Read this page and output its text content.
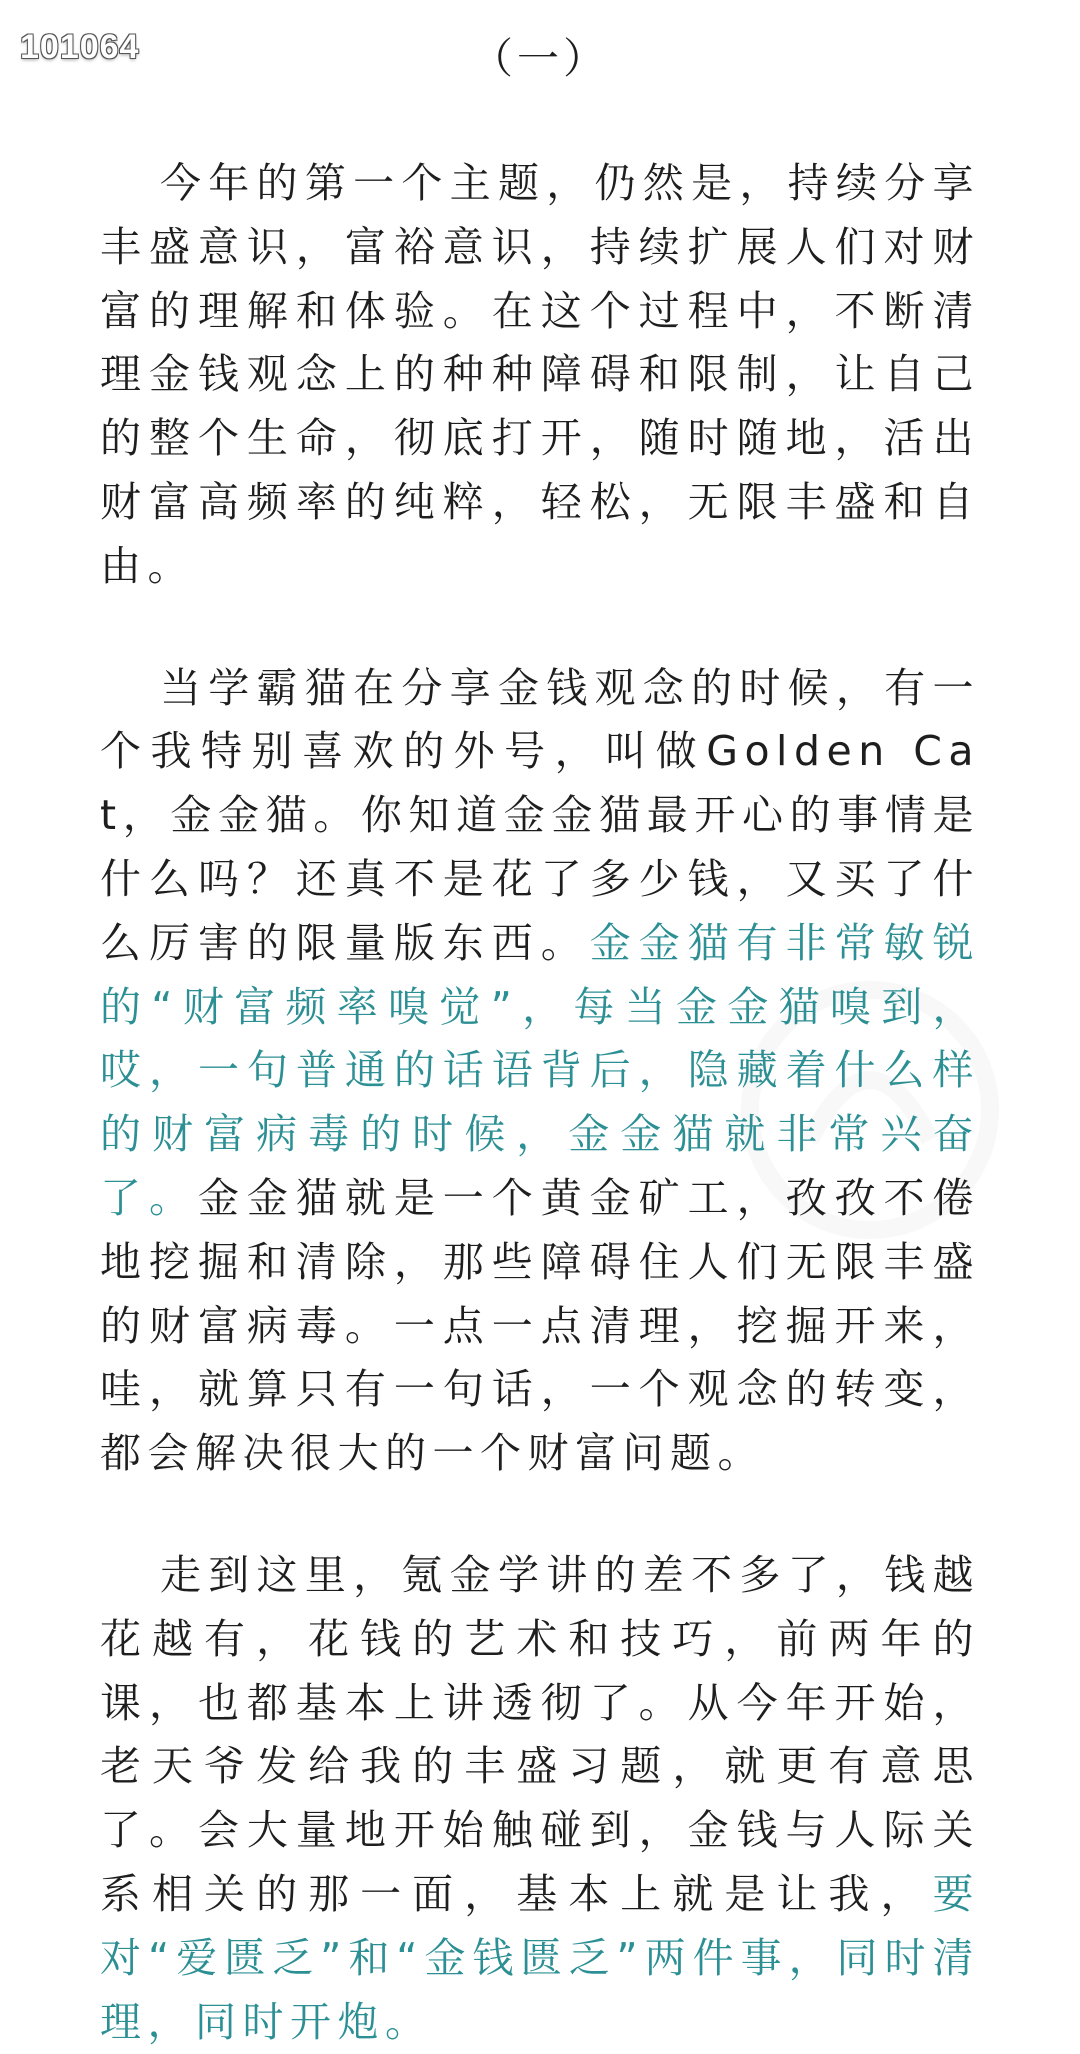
101064	（一）

今年的第一个主题，仍然是，持续分享丰盛意识，富裕意识，持续扩展人们对财富的理解和体验。在这个过程中，不断清理金钱观念上的种种障碍和限制，让自己的整个生命，彻底打开，随时随地，活出财富高频率的纯粹，轻松，无限丰盛和自由。

当学霸猫在分享金钱观念的时候，有一个我特别喜欢的外号，叫做Golden Cat，金金猫。你知道金金猫最开心的事情是什么吗？还真不是花了多少钱，又买了什么厉害的限量版东西。金金猫有非常敏锐的“财富频率嗅觉”，每当金金猫嗅到，哎，一句普通的话语背后，隐藏着什么样的财富病毒的时候，金金猫就非常兴奋了。金金猫就是一个黄金矿工，孜孜不倦地挖掘和清除，那些障碍住人们无限丰盛的财富病毒。一点一点清理，挖掘开来，哇，就算只有一句话，一个观念的转变，都会解决很大的一个财富问题。

走到这里，氪金学讲的差不多了，钱越花越有，花钱的艺术和技巧，前两年的课，也都基本上讲透彻了。从今年开始，老天爷发给我的丰盛习题，就更有意思了。会大量地开始触碰到，金钱与人际关系相关的那一面，基本上就是让我，要对“爱匮乏”和“金钱匮乏”两件事，同时清理，同时开炮。
